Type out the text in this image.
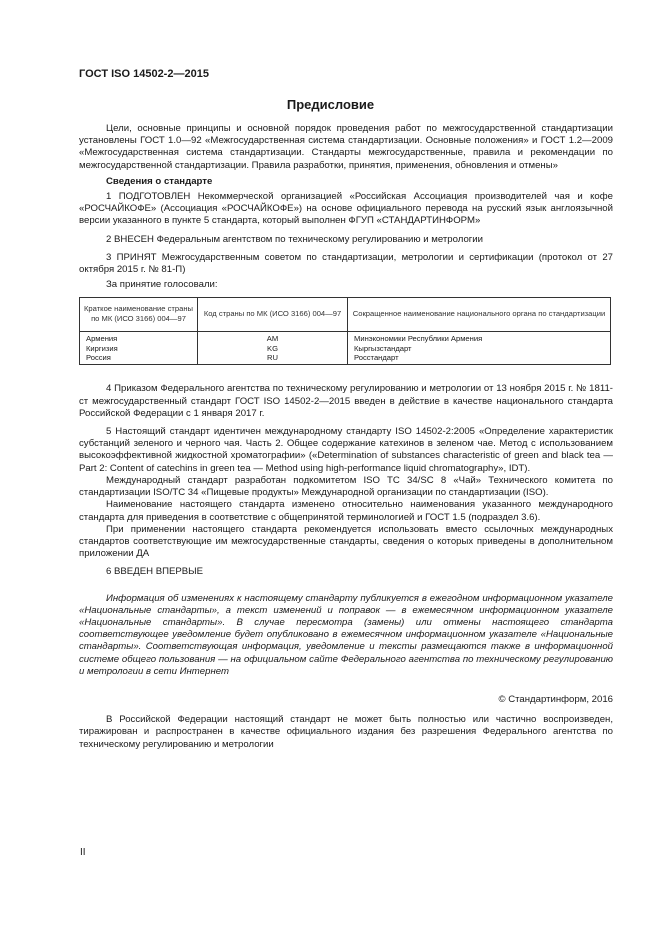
ГОСТ ISO 14502-2—2015
Предисловие

Цели, основные принципы и основной порядок проведения работ по межгосударственной стандартизации установлены ГОСТ 1.0—92 «Межгосударственная система стандартизации. Основные положения» и ГОСТ 1.2—2009 «Межгосударственная система стандартизации. Стандарты межгосударственные, правила и рекомендации по межгосударственной стандартизации. Правила разработки, принятия, применения, обновления и отмены»

Сведения о стандарте

1 ПОДГОТОВЛЕН Некоммерческой организацией «Российская Ассоциация производителей чая и кофе «РОСЧАЙКОФЕ» (Ассоциация «РОСЧАЙКОФЕ») на основе официального перевода на русский язык англоязычной версии указанного в пункте 5 стандарта, который выполнен ФГУП «СТАНДАРТИНФОРМ»

2 ВНЕСЕН Федеральным агентством по техническому регулированию и метрологии

3 ПРИНЯТ Межгосударственным советом по стандартизации, метрологии и сертификации (протокол от 27 октября 2015 г. № 81-П)

За принятие голосовали:

Краткое наименование страны по МК (ИСО 3166) 004—97	Код страны по МК (ИСО 3166) 004—97	Сокращенное наименование национального органа по стандартизации
Армения	AM	Минэкономики Республики Армения
Киргизия	KG	Кыргызстандарт
Россия	RU	Росстандарт

4 Приказом Федерального агентства по техническому регулированию и метрологии от 13 ноября 2015 г. № 1811-ст межгосударственный стандарт ГОСТ ISO 14502-2—2015 введен в действие в качестве национального стандарта Российской Федерации с 1 января 2017 г.

5 Настоящий стандарт идентичен международному стандарту ISO 14502-2:2005 «Определение характеристик субстанций зеленого и черного чая. Часть 2. Общее содержание катехинов в зеленом чае. Метод с использованием высокоэффективной жидкостной хроматографии» («Determination of substances characteristic of green and black tea — Part 2: Content of catechins in green tea — Method using high-performance liquid chromatography», IDT).

Международный стандарт разработан подкомитетом ISO TC 34/SC 8 «Чай» Технического комитета по стандартизации ISO/TC 34 «Пищевые продукты» Международной организации по стандартизации (ISO).

Наименование настоящего стандарта изменено относительно наименования указанного международного стандарта для приведения в соответствие с общепринятой терминологией и ГОСТ 1.5 (подраздел 3.6).

При применении настоящего стандарта рекомендуется использовать вместо ссылочных международных стандартов соответствующие им межгосударственные стандарты, сведения о которых приведены в дополнительном приложении ДА

6 ВВЕДЕН ВПЕРВЫЕ

Информация об изменениях к настоящему стандарту публикуется в ежегодном информационном указателе «Национальные стандарты», а текст изменений и поправок — в ежемесячном информационном указателе «Национальные стандарты». В случае пересмотра (замены) или отмены настоящего стандарта соответствующее уведомление будет опубликовано в ежемесячном информационном указателе «Национальные стандарты». Соответствующая информация, уведомление и тексты размещаются также в информационной системе общего пользования — на официальном сайте Федерального агентства по техническому регулированию и метрологии в сети Интернет

© Стандартинформ, 2016

В Российской Федерации настоящий стандарт не может быть полностью или частично воспроизведен, тиражирован и распространен в качестве официального издания без разрешения Федерального агентства по техническому регулированию и метрологии

II
